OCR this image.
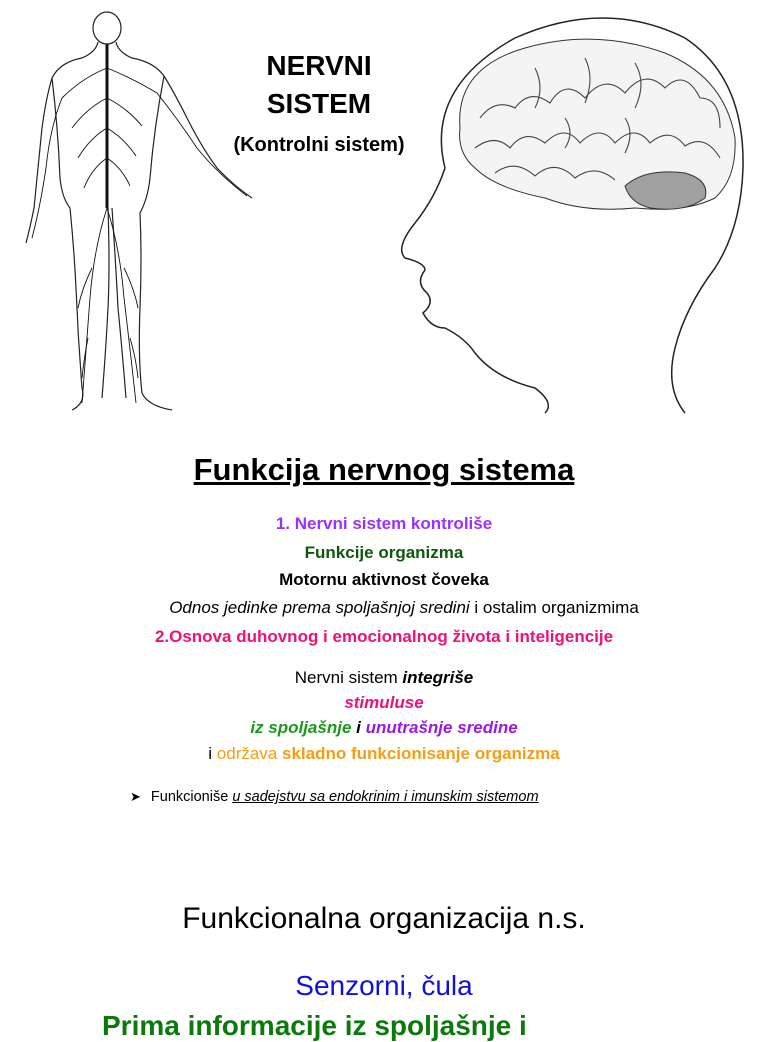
NERVNI
SISTEM
(Kontrolni sistem)
Funkcija nervnog sistema
1. Nervni sistem kontroliše
Funkcije organizma
Motornu aktivnost čoveka
Odnos jedinke prema spoljašnjoj sredini i ostalim organizmima
2.Osnova duhovnog i emocionalnog života i inteligencije
Nervni sistem integriše
stimuluse
iz spoljašnje i unutrašnje sredine
i održava skladno funkcionisanje organizma
➤ Funkcioniše u sadejstvu sa endokrinim i imunskim sistemom
Funkcionalna organizacija n.s.
Senzorni, čula
Prima informacije iz spoljašnje i
